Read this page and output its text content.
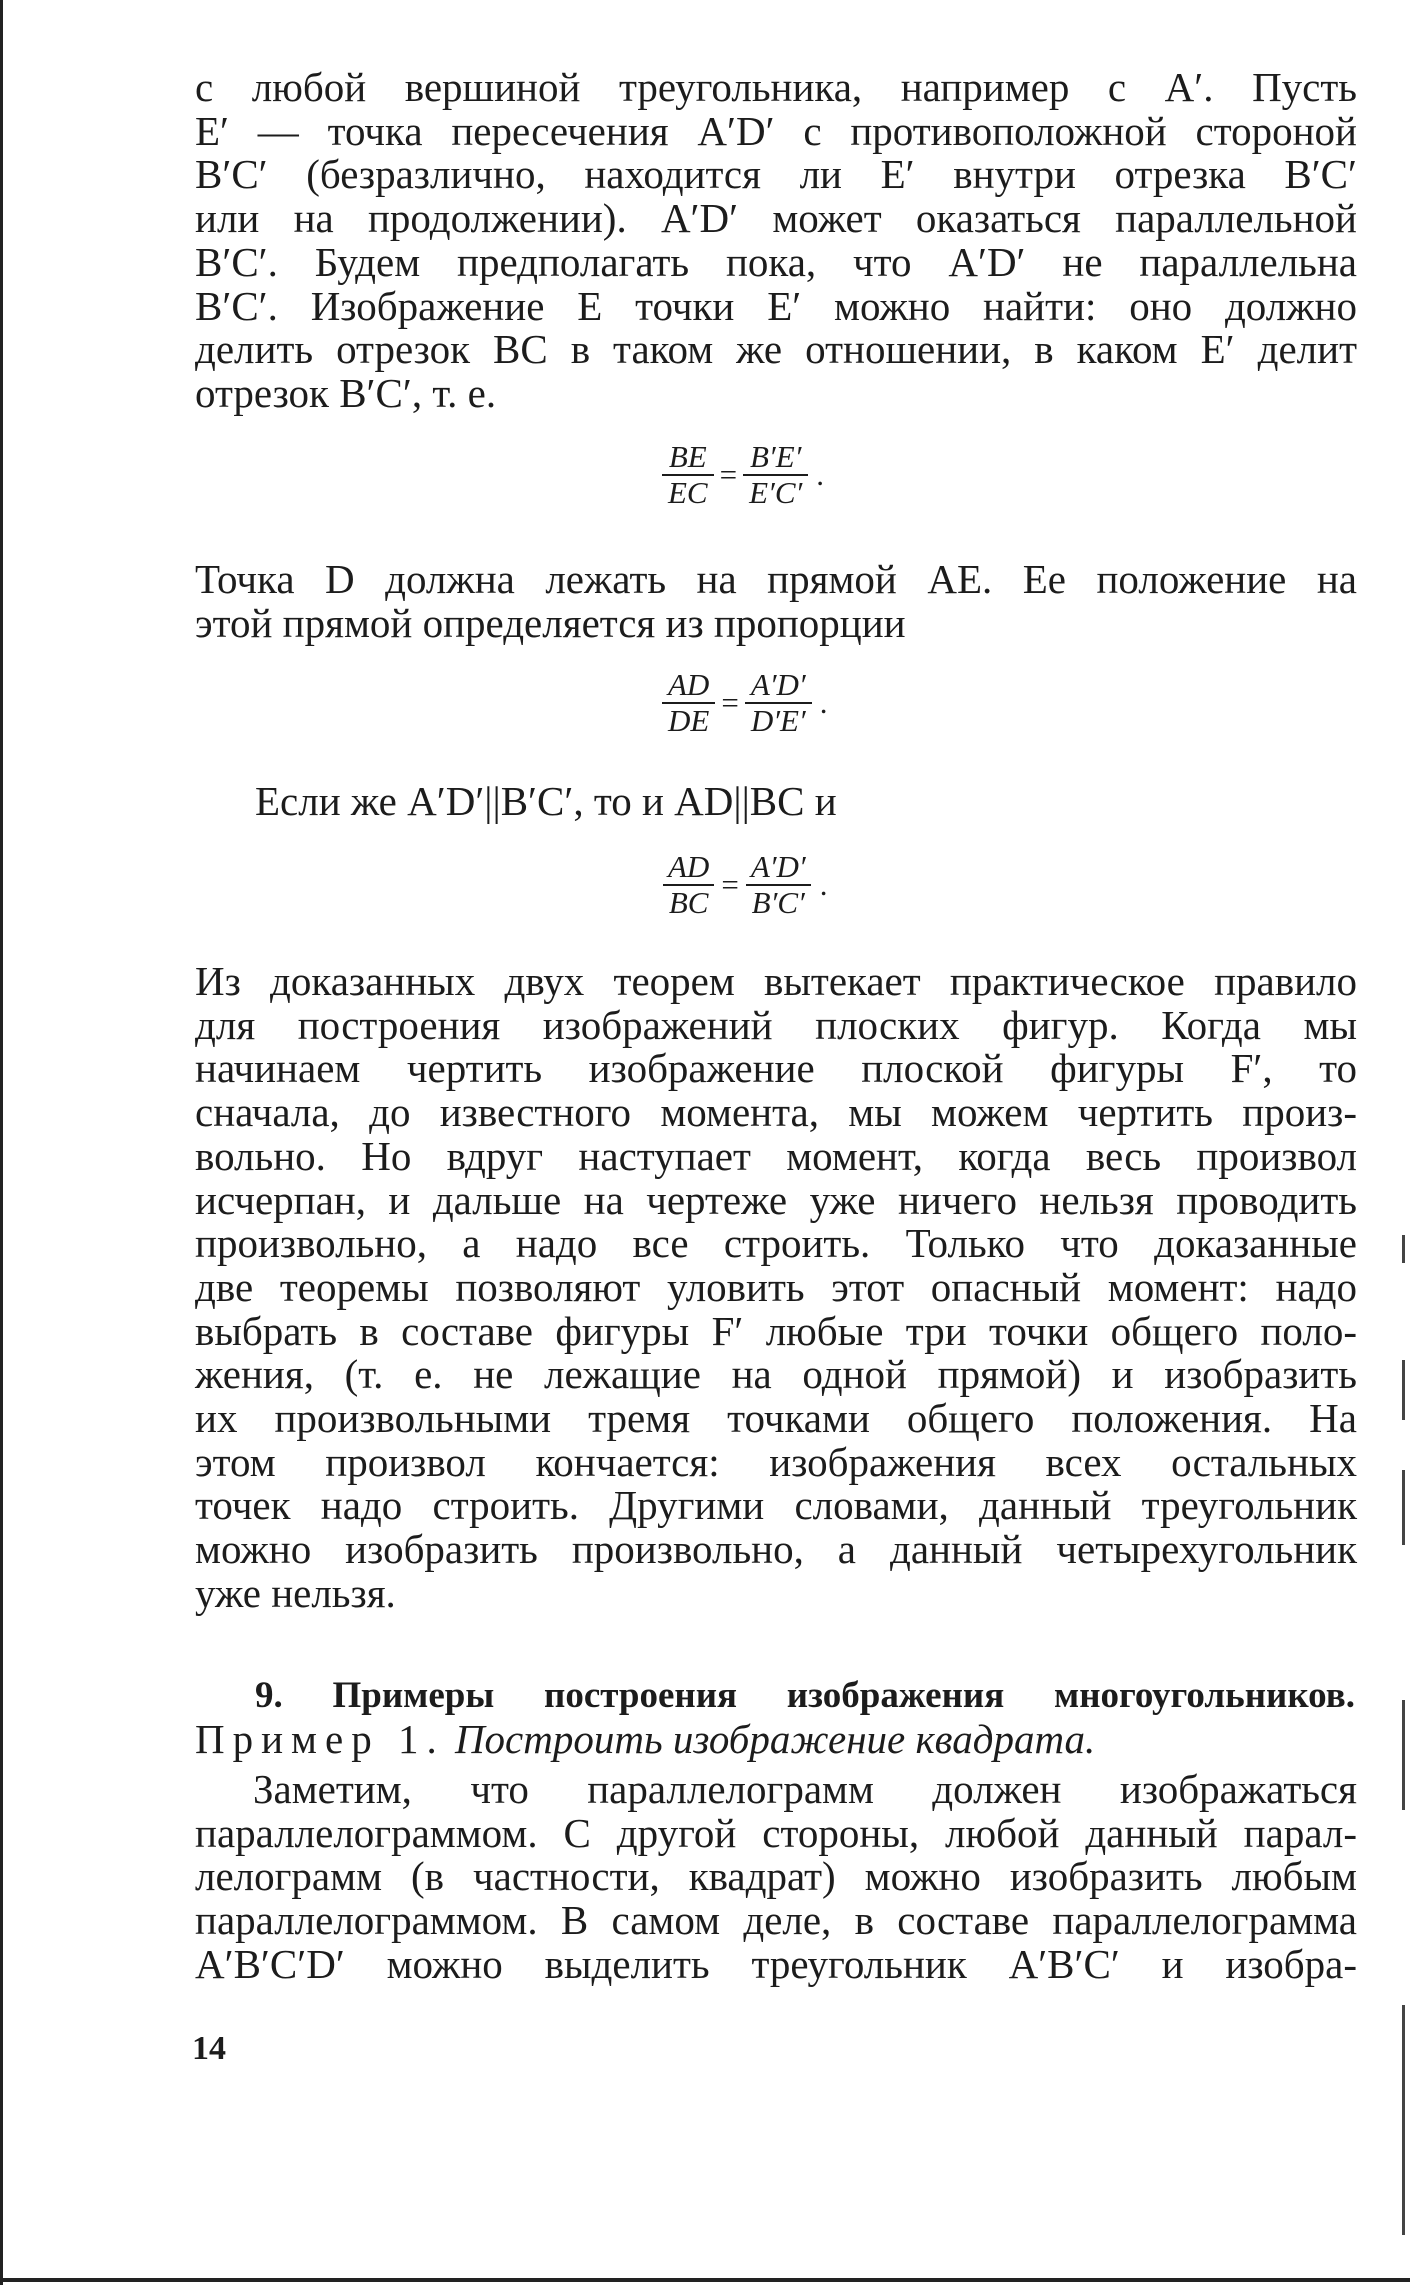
с любой вершиной треугольника, например с A′. Пусть
E′ — точка пересечения A′D′ с противоположной стороной
B′C′ (безразлично, находится ли E′ внутри отрезка B′C′
или на продолжении). A′D′ может оказаться параллельной
B′C′. Будем предполагать пока, что A′D′ не параллельна
B′C′. Изображение E точки E′ можно найти: оно должно
делить отрезок BC в таком же отношении, в каком E′ делит
отрезок B′C′, т. е.
$\frac{BE}{EC} = \frac{B'E'}{E'C'}$ .
Точка D должна лежать на прямой AE. Ее положение на
этой прямой определяется из пропорции
$\frac{AD}{DE} = \frac{A'D'}{D'E'}$ .
Если же A′D′||B′C′, то и AD||BC и
$\frac{AD}{BC} = \frac{A'D'}{B'C'}$ .
Из доказанных двух теорем вытекает практическое правило
для построения изображений плоских фигур. Когда мы
начинаем чертить изображение плоской фигуры F′, то
сначала, до известного момента, мы можем чертить произ-
вольно. Но вдруг наступает момент, когда весь произвол
исчерпан, и дальше на чертеже уже ничего нельзя проводить
произвольно, а надо все строить. Только что доказанные
две теоремы позволяют уловить этот опасный момент: надо
выбрать в составе фигуры F′ любые три точки общего поло-
жения, (т. е. не лежащие на одной прямой) и изобразить
их произвольными тремя точками общего положения. На
этом произвол кончается: изображения всех остальных
точек надо строить. Другими словами, данный треугольник
можно изобразить произвольно, а данный четырехугольник
уже нельзя.
9. Примеры построения изображения многоугольников.
Пример 1. Построить изображение квадрата.
Заметим, что параллелограмм должен изображаться
параллелограммом. С другой стороны, любой данный парал-
лелограмм (в частности, квадрат) можно изобразить любым
параллелограммом. В самом деле, в составе параллелограмма
A′B′C′D′ можно выделить треугольник A′B′C′ и изобра-
14
